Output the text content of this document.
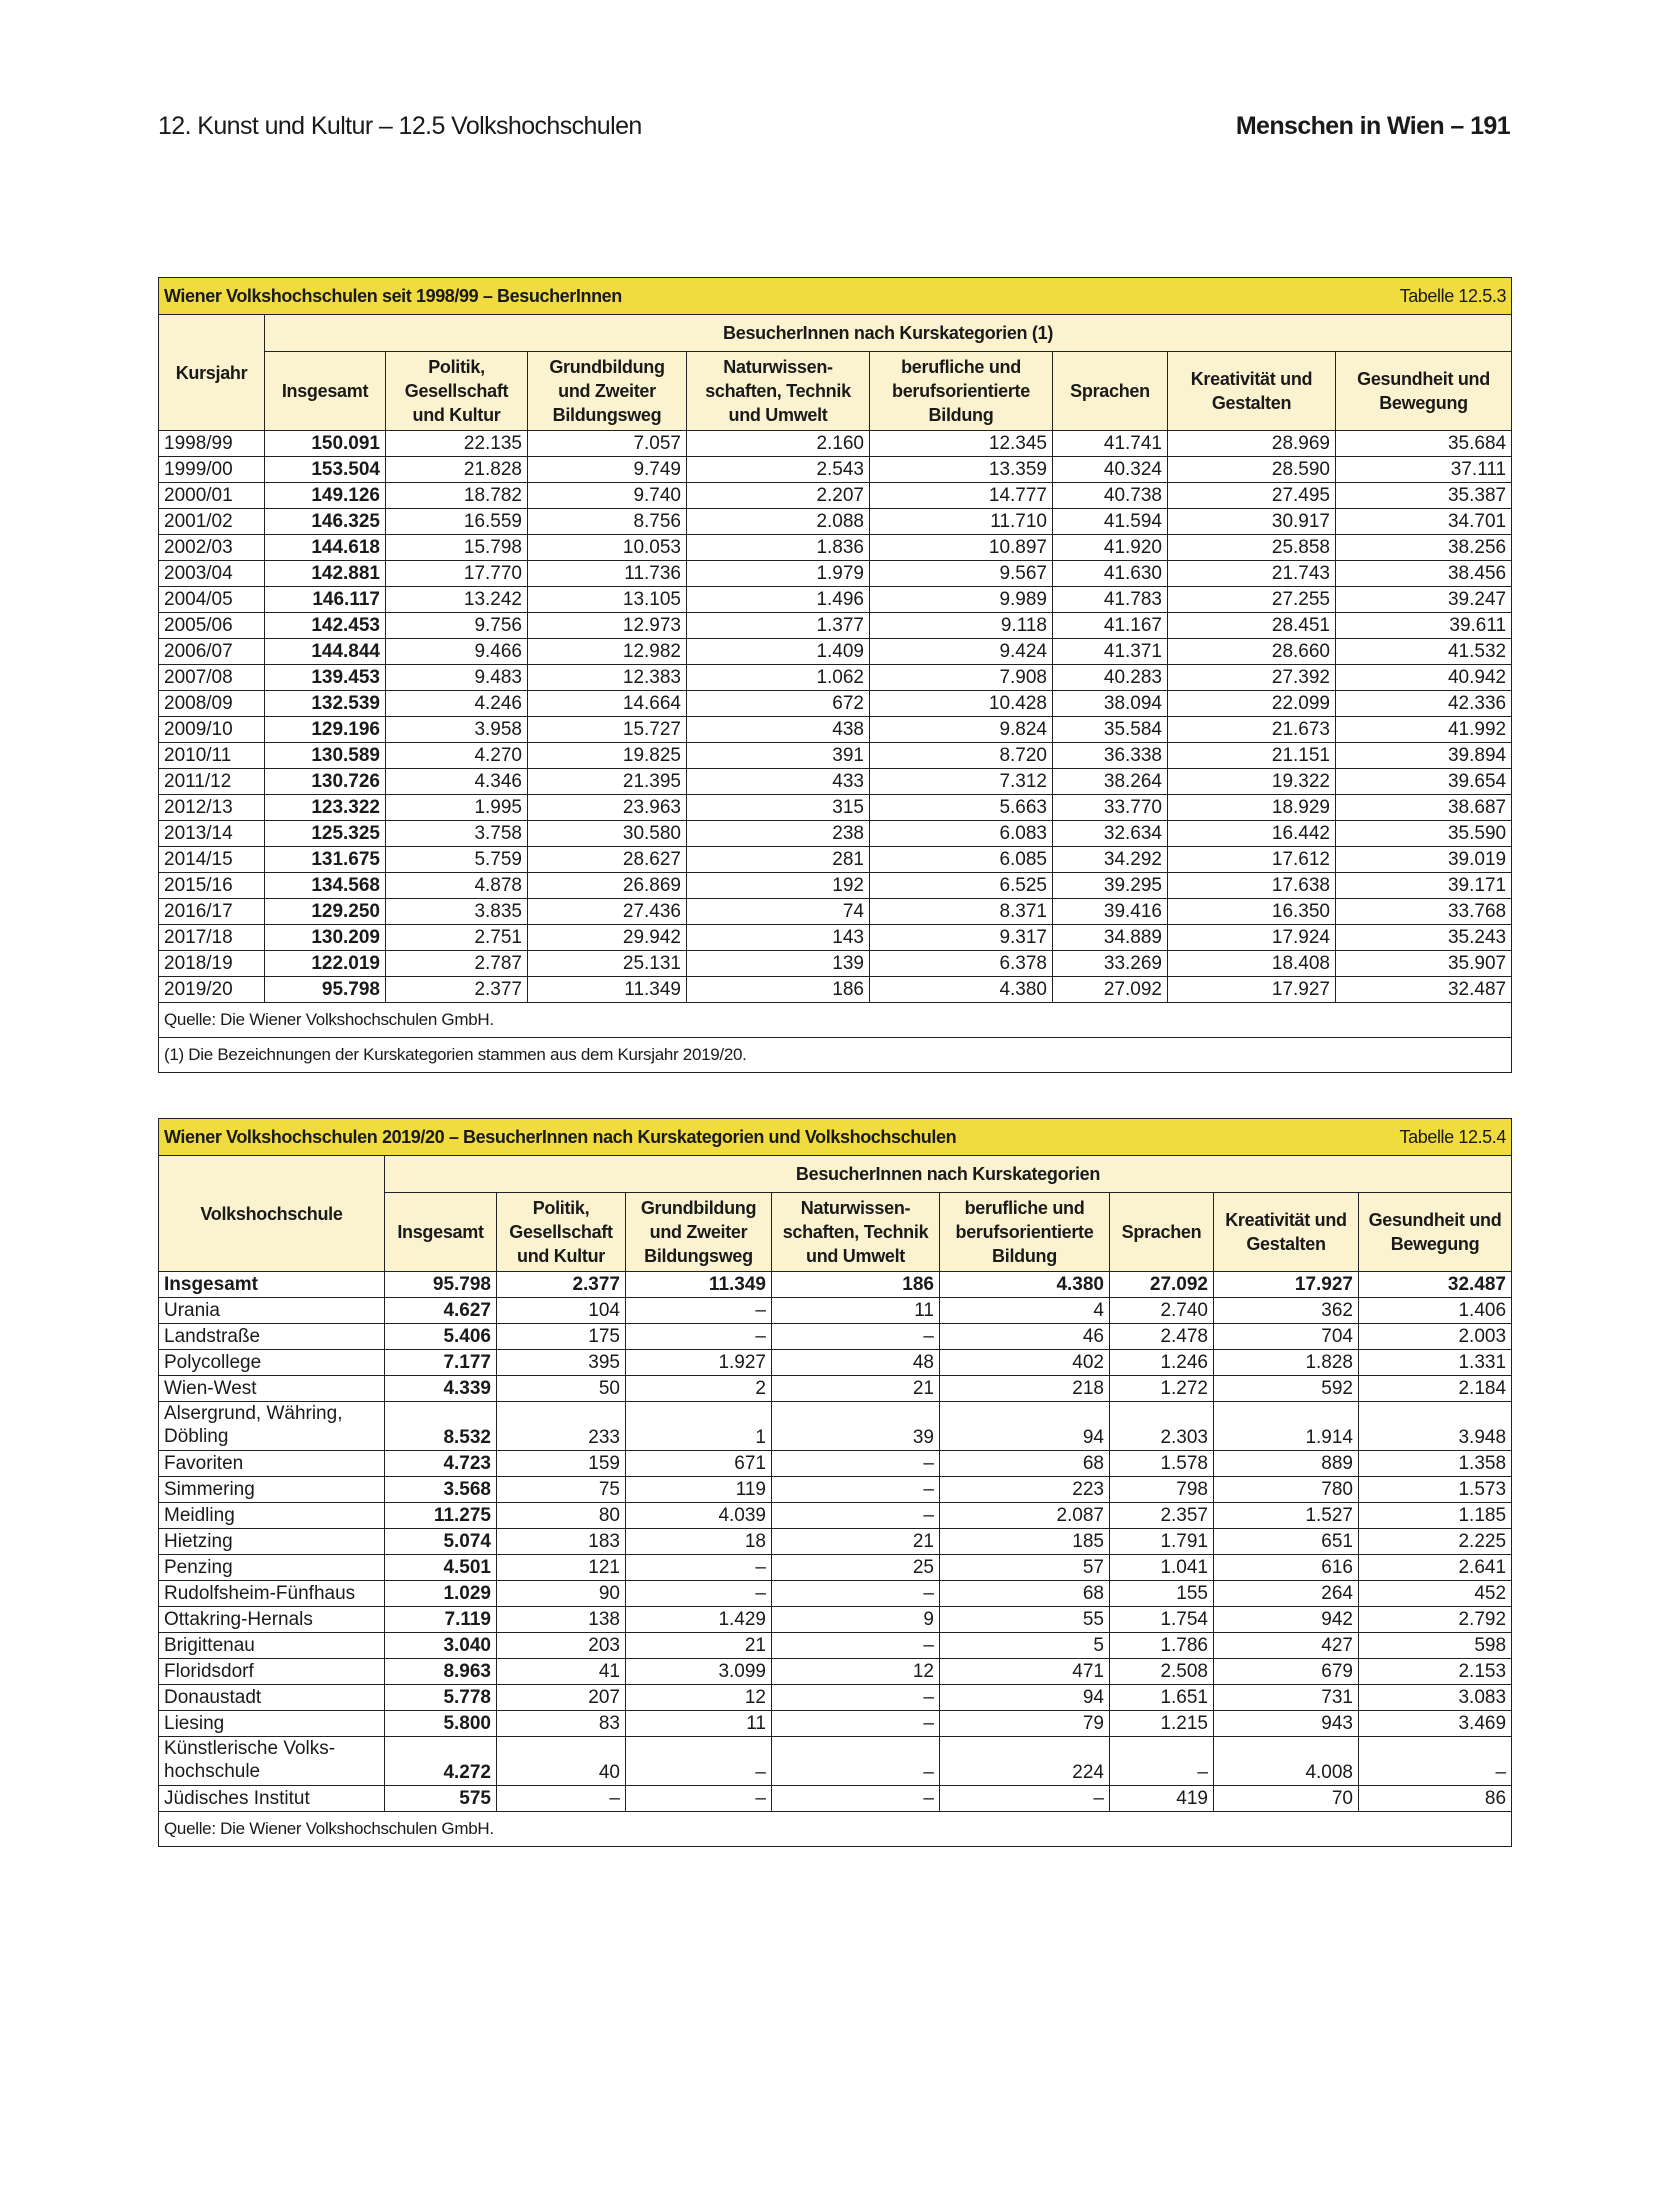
12. Kunst und Kultur – 12.5 Volkshochschulen	Menschen in Wien – 191
Tabelle 12.5.3
Wiener Volkshochschulen seit 1998/99 – BesucherInnen								
Kursjahr	BesucherInnen nach Kurskategorien (1)							
	Insgesamt	Politik, Gesellschaft und Kultur	Grundbildung und Zweiter Bildungsweg	Naturwissen-schaften, Technik und Umwelt	berufliche und berufsorientierte Bildung	Sprachen	Kreativität und Gestalten	Gesundheit und Bewegung
1998/99	150.091	22.135	7.057	2.160	12.345	41.741	28.969	35.684
1999/00	153.504	21.828	9.749	2.543	13.359	40.324	28.590	37.111
2000/01	149.126	18.782	9.740	2.207	14.777	40.738	27.495	35.387
2001/02	146.325	16.559	8.756	2.088	11.710	41.594	30.917	34.701
2002/03	144.618	15.798	10.053	1.836	10.897	41.920	25.858	38.256
2003/04	142.881	17.770	11.736	1.979	9.567	41.630	21.743	38.456
2004/05	146.117	13.242	13.105	1.496	9.989	41.783	27.255	39.247
2005/06	142.453	9.756	12.973	1.377	9.118	41.167	28.451	39.611
2006/07	144.844	9.466	12.982	1.409	9.424	41.371	28.660	41.532
2007/08	139.453	9.483	12.383	1.062	7.908	40.283	27.392	40.942
2008/09	132.539	4.246	14.664	672	10.428	38.094	22.099	42.336
2009/10	129.196	3.958	15.727	438	9.824	35.584	21.673	41.992
2010/11	130.589	4.270	19.825	391	8.720	36.338	21.151	39.894
2011/12	130.726	4.346	21.395	433	7.312	38.264	19.322	39.654
2012/13	123.322	1.995	23.963	315	5.663	33.770	18.929	38.687
2013/14	125.325	3.758	30.580	238	6.083	32.634	16.442	35.590
2014/15	131.675	5.759	28.627	281	6.085	34.292	17.612	39.019
2015/16	134.568	4.878	26.869	192	6.525	39.295	17.638	39.171
2016/17	129.250	3.835	27.436	74	8.371	39.416	16.350	33.768
2017/18	130.209	2.751	29.942	143	9.317	34.889	17.924	35.243
2018/19	122.019	2.787	25.131	139	6.378	33.269	18.408	35.907
2019/20	95.798	2.377	11.349	186	4.380	27.092	17.927	32.487
Quelle: Die Wiener Volkshochschulen GmbH.								
(1) Die Bezeichnungen der Kurskategorien stammen aus dem Kursjahr 2019/20.								
Tabelle 12.5.4
Wiener Volkshochschulen 2019/20 – BesucherInnen nach Kurskategorien und Volkshochschulen								
Volkshochschule	BesucherInnen nach Kurskategorien							
	Insgesamt	Politik, Gesellschaft und Kultur	Grundbildung und Zweiter Bildungsweg	Naturwissen-schaften, Technik und Umwelt	berufliche und berufsorientierte Bildung	Sprachen	Kreativität und Gestalten	Gesundheit und Bewegung
Insgesamt	95.798	2.377	11.349	186	4.380	27.092	17.927	32.487
Urania	4.627	104	–	11	4	2.740	362	1.406
Landstraße	5.406	175	–	–	46	2.478	704	2.003
Polycollege	7.177	395	1.927	48	402	1.246	1.828	1.331
Wien-West	4.339	50	2	21	218	1.272	592	2.184
Alsergrund, Währing, Döbling	8.532	233	1	39	94	2.303	1.914	3.948
Favoriten	4.723	159	671	–	68	1.578	889	1.358
Simmering	3.568	75	119	–	223	798	780	1.573
Meidling	11.275	80	4.039	–	2.087	2.357	1.527	1.185
Hietzing	5.074	183	18	21	185	1.791	651	2.225
Penzing	4.501	121	–	25	57	1.041	616	2.641
Rudolfsheim-Fünfhaus	1.029	90	–	–	68	155	264	452
Ottakring-Hernals	7.119	138	1.429	9	55	1.754	942	2.792
Brigittenau	3.040	203	21	–	5	1.786	427	598
Floridsdorf	8.963	41	3.099	12	471	2.508	679	2.153
Donaustadt	5.778	207	12	–	94	1.651	731	3.083
Liesing	5.800	83	11	–	79	1.215	943	3.469
Künstlerische Volks-hochschule	4.272	40	–	–	224	–	4.008	–
Jüdisches Institut	575	–	–	–	–	419	70	86
Quelle: Die Wiener Volkshochschulen GmbH.								
